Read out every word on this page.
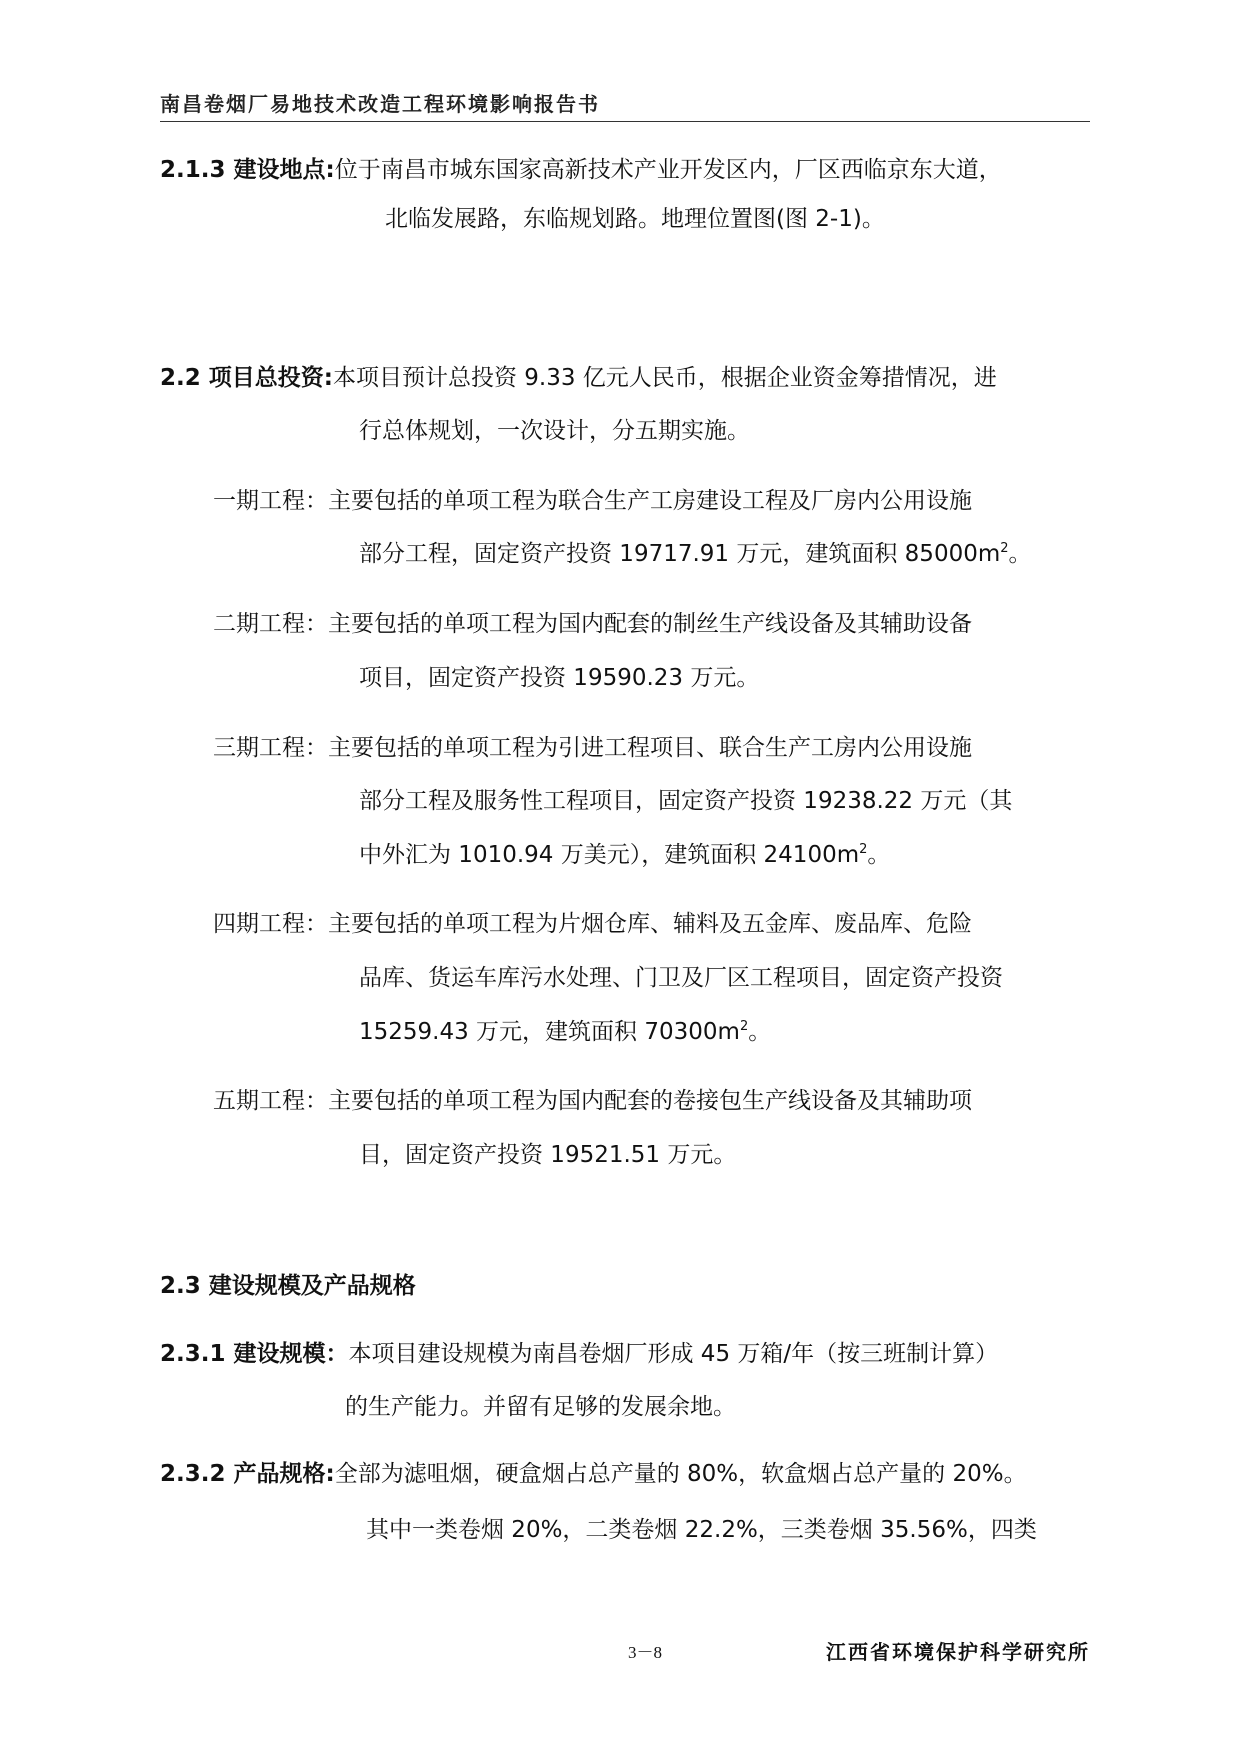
南昌卷烟厂易地技术改造工程环境影响报告书
2.1.3 建设地点:位于南昌市城东国家高新技术产业开发区内，厂区西临京东大道，
北临发展路，东临规划路。地理位置图(图 2-1)。
2.2 项目总投资:本项目预计总投资 9.33 亿元人民币，根据企业资金筹措情况，进
行总体规划，一次设计，分五期实施。
一期工程：主要包括的单项工程为联合生产工房建设工程及厂房内公用设施
部分工程，固定资产投资 19717.91 万元，建筑面积 $85000m^2$。
二期工程：主要包括的单项工程为国内配套的制丝生产线设备及其辅助设备
项目，固定资产投资 19590.23 万元。
三期工程：主要包括的单项工程为引进工程项目、联合生产工房内公用设施
部分工程及服务性工程项目，固定资产投资 19238.22 万元（其
中外汇为 1010.94 万美元），建筑面积 $24100m^2$。
四期工程：主要包括的单项工程为片烟仓库、辅料及五金库、废品库、危险
品库、货运车库污水处理、门卫及厂区工程项目，固定资产投资
15259.43 万元，建筑面积 $70300m^2$。
五期工程：主要包括的单项工程为国内配套的卷接包生产线设备及其辅助项
目，固定资产投资 19521.51 万元。
2.3 建设规模及产品规格
2.3.1 建设规模：本项目建设规模为南昌卷烟厂形成 45 万箱/年（按三班制计算）
的生产能力。并留有足够的发展余地。
2.3.2 产品规格:全部为滤咀烟，硬盒烟占总产量的 80%，软盒烟占总产量的 20%。
其中一类卷烟 20%，二类卷烟 22.2%，三类卷烟 35.56%，四类
3－8	江西省环境保护科学研究所
